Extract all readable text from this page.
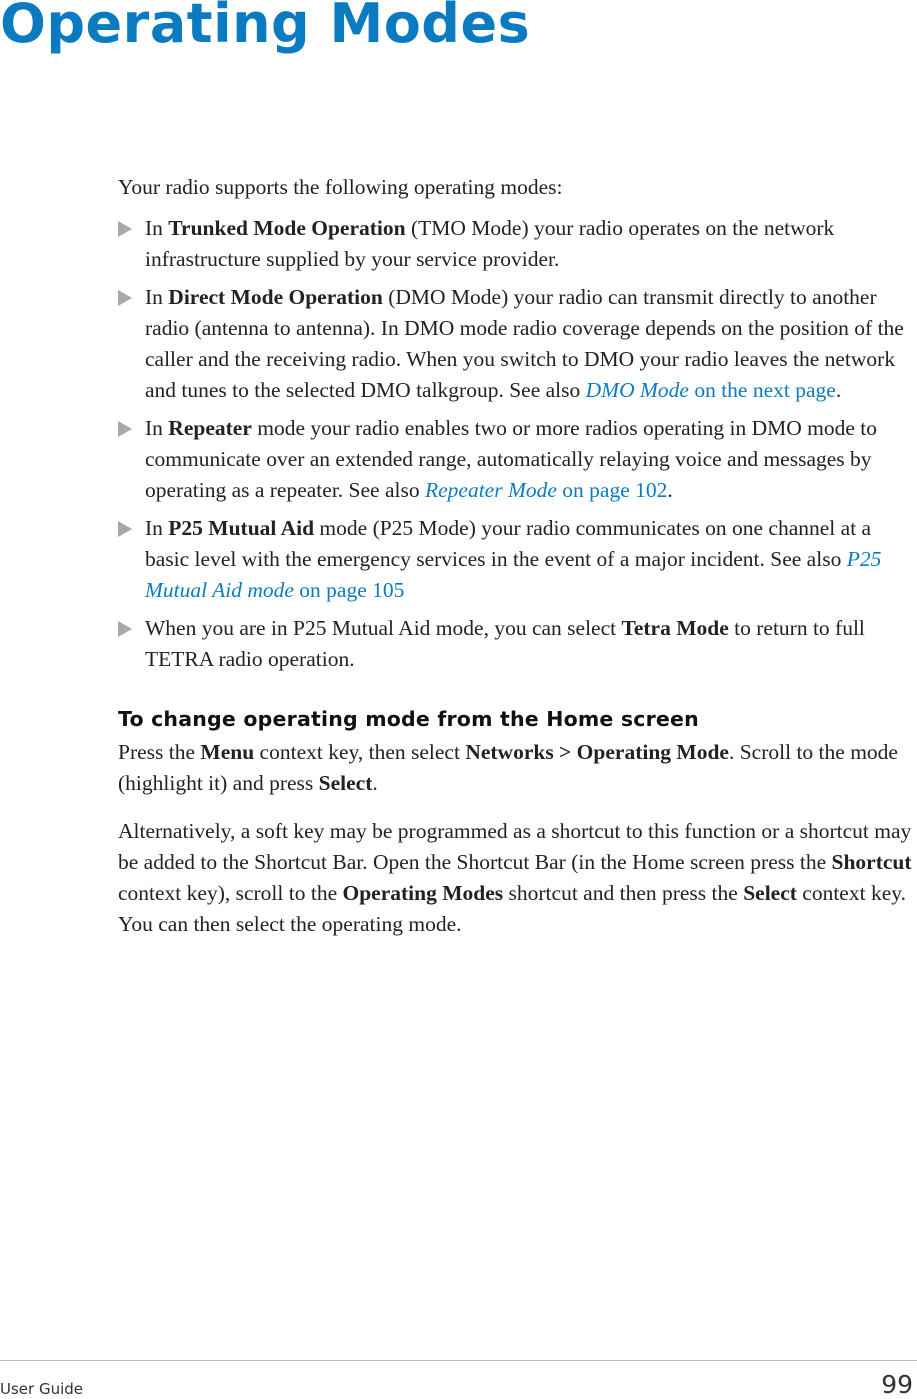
Operating Modes

Your radio supports the following operating modes:

In Trunked Mode Operation (TMO Mode) your radio operates on the network infrastructure supplied by your service provider.
In Direct Mode Operation (DMO Mode) your radio can transmit directly to another radio (antenna to antenna). In DMO mode radio coverage depends on the position of the caller and the receiving radio. When you switch to DMO your radio leaves the network and tunes to the selected DMO talkgroup. See also DMO Mode on the next page.
In Repeater mode your radio enables two or more radios operating in DMO mode to communicate over an extended range, automatically relaying voice and messages by operating as a repeater. See also Repeater Mode on page 102.
In P25 Mutual Aid mode (P25 Mode) your radio communicates on one channel at a basic level with the emergency services in the event of a major incident. See also P25 Mutual Aid mode on page 105
When you are in P25 Mutual Aid mode, you can select Tetra Mode to return to full TETRA radio operation.
To change operating mode from the Home screen

Press the Menu context key, then select Networks > Operating Mode. Scroll to the mode (highlight it) and press Select.

Alternatively, a soft key may be programmed as a shortcut to this function or a shortcut may be added to the Shortcut Bar. Open the Shortcut Bar (in the Home screen press the Shortcut context key), scroll to the Operating Modes shortcut and then press the Select context key. You can then select the operating mode.

User Guide	99
